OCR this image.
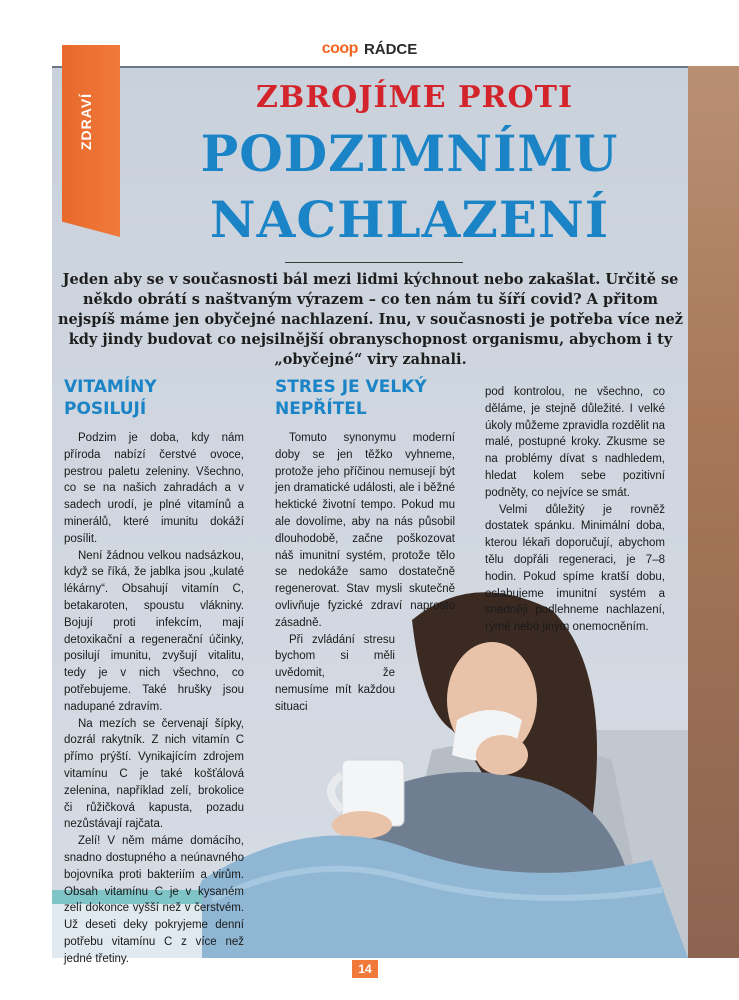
coop RÁDCE
ZDRAVÍ	ZBROJÍME PROTI
PODZIMNÍMU
NACHLAZENÍ
Jeden aby se v současnosti bál mezi lidmi kýchnout nebo zakašlat. Určitě se někdo obrátí s naštvaným výrazem – co ten nám tu šíří covid? A přitom nejspíš máme jen obyčejné nachlazení. Inu, v současnosti je potřeba více než kdy jindy budovat co nejsilnější obranyschopnost organismu, abychom i ty „obyčejné“ viry zahnali.
VITAMÍNY
POSILUJÍ

Podzim je doba, kdy nám příroda nabízí čerstvé ovoce, pestrou paletu zeleniny. Všechno, co se na našich zahradách a v sadech urodí, je plné vitamínů a minerálů, které imunitu dokáží posílit.

Není žádnou velkou nadsázkou, když se říká, že jablka jsou „kulaté lékárny“. Obsahují vitamín C, betakaroten, spoustu vlákniny. Bojují proti infekcím, mají detoxikační a regenerační účinky, posilují imunitu, zvyšují vitalitu, tedy je v nich všechno, co potřebujeme. Také hrušky jsou nadupané zdravím.

Na mezích se červenají šípky, dozrál rakytník. Z nich vitamín C přímo prýští. Vynikajícím zdrojem vitamínu C je také košťálová zelenina, například zelí, brokolice či růžičková kapusta, pozadu nezůstávají rajčata.

Zelí! V něm máme domácího, snadno dostupného a neúnavného bojovníka proti bakteriím a virům. Obsah vitamínu C je v kysaném zelí dokonce vyšší než v čerstvém. Už deseti deky pokryjeme denní potřebu vitamínu C z více než jedné třetiny.

STRES JE VELKÝ
NEPŘÍTEL

Tomuto synonymu moderní doby se jen těžko vyhneme, protože jeho příčinou nemusejí být jen dramatické události, ale i běžné hektické životní tempo. Pokud mu ale dovolíme, aby na nás působil dlouhodobě, začne poškozovat náš imunitní systém, protože tělo se nedokáže samo dostatečně regenerovat. Stav mysli skutečně ovlivňuje fyzické zdraví naprosto zásadně.

Při zvládání stresu bychom si měli uvědomit, že nemusíme mít každou situaci

pod kontrolou, ne všechno, co děláme, je stejně důležité. I velké úkoly můžeme zpravidla rozdělit na malé, postupné kroky. Zkusme se na problémy dívat s nadhledem, hledat kolem sebe pozitivní podněty, co nejvíce se smát.

Velmi důležitý je rovněž dostatek spánku. Minimální doba, kterou lékaři doporučují, abychom tělu dopřáli regeneraci, je 7–8 hodin. Pokud spíme kratší dobu, oslabujeme imunitní systém a snadněji podlehneme nachlazení, rýmě nebo jiným onemocněním.

14
